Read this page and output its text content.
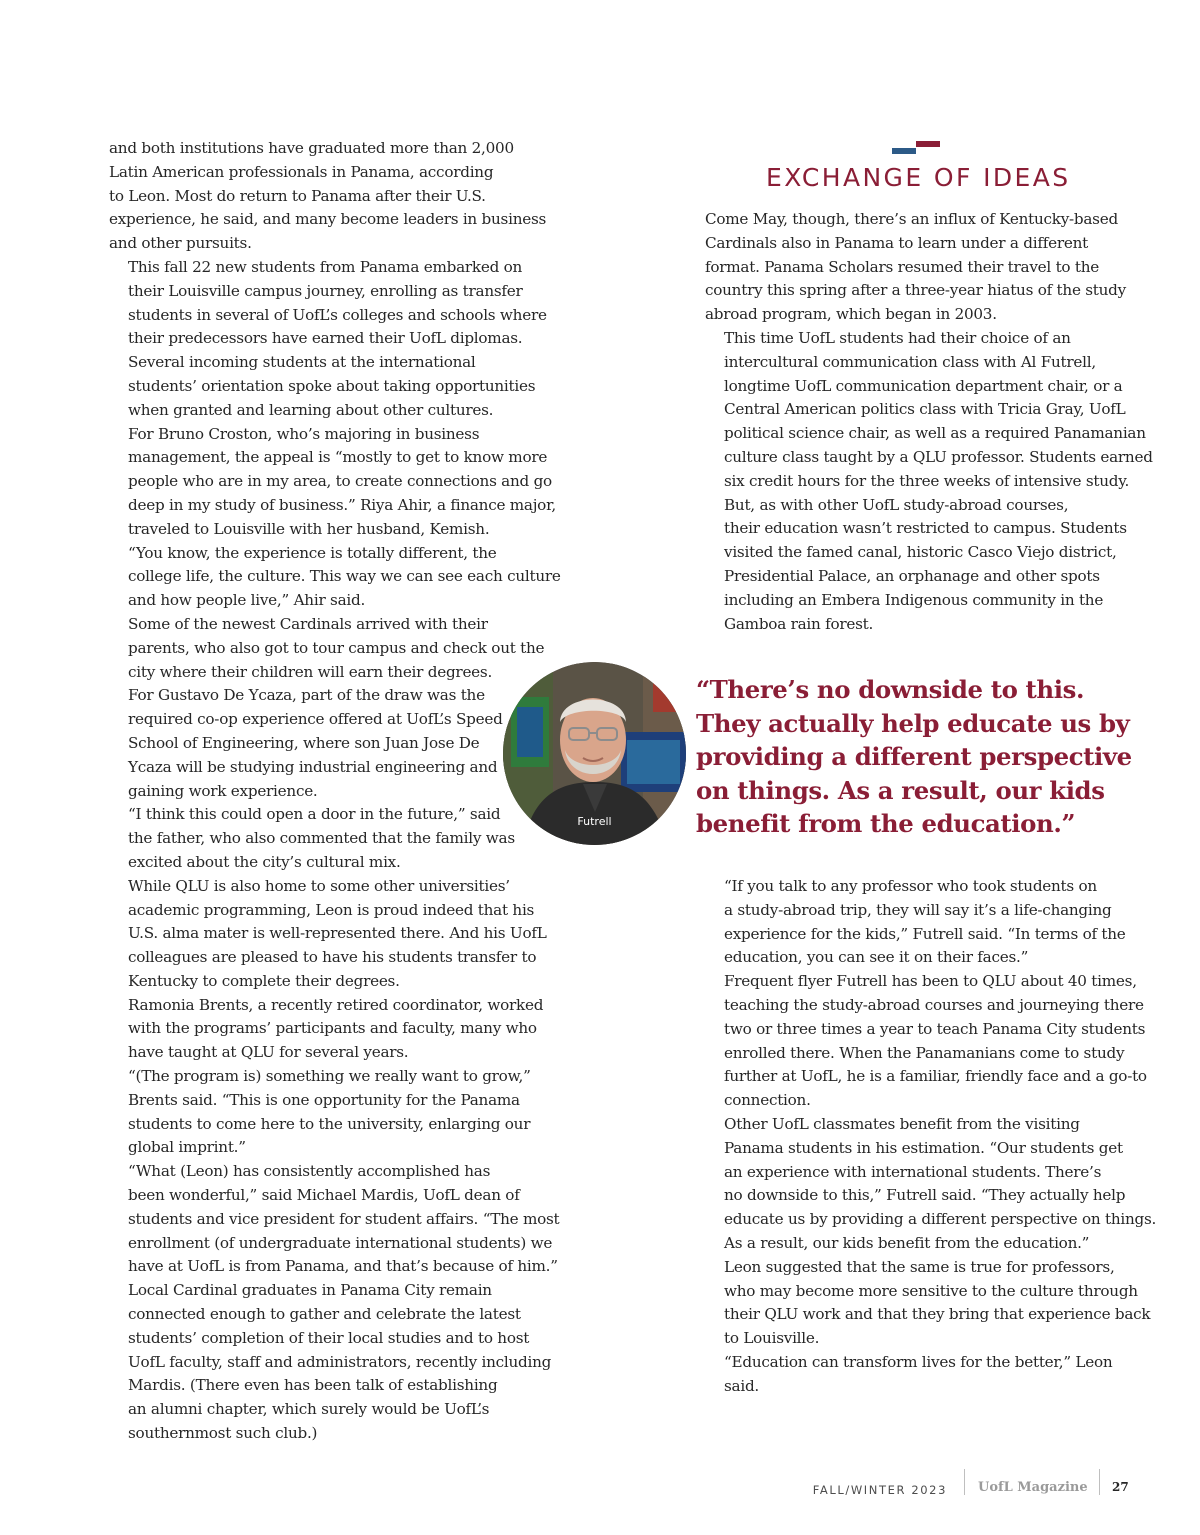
and both institutions have graduated more than 2,000
Latin American professionals in Panama, according
to Leon. Most do return to Panama after their U.S.
experience, he said, and many become leaders in business
and other pursuits.

This fall 22 new students from Panama embarked on
their Louisville campus journey, enrolling as transfer
students in several of UofL’s colleges and schools where
their predecessors have earned their UofL diplomas.

Several incoming students at the international
students’ orientation spoke about taking opportunities
when granted and learning about other cultures.

For Bruno Croston, who’s majoring in business
management, the appeal is “mostly to get to know more
people who are in my area, to create connections and go
deep in my study of business.” Riya Ahir, a finance major,
traveled to Louisville with her husband, Kemish.

“You know, the experience is totally different, the
college life, the culture. This way we can see each culture
and how people live,” Ahir said.

Some of the newest Cardinals arrived with their
parents, who also got to tour campus and check out the
city where their children will earn their degrees.

For Gustavo De Ycaza, part of the draw was the
required co-op experience offered at UofL’s Speed
School of Engineering, where son Juan Jose De
Ycaza will be studying industrial engineering and
gaining work experience.

“I think this could open a door in the future,” said
the father, who also commented that the family was
excited about the city’s cultural mix.

While QLU is also home to some other universities’
academic programming, Leon is proud indeed that his
U.S. alma mater is well-represented there. And his UofL
colleagues are pleased to have his students transfer to
Kentucky to complete their degrees.

Ramonia Brents, a recently retired coordinator, worked
with the programs’ participants and faculty, many who
have taught at QLU for several years.

“(The program is) something we really want to grow,”
Brents said. “This is one opportunity for the Panama
students to come here to the university, enlarging our
global imprint.”

“What (Leon) has consistently accomplished has
been wonderful,” said Michael Mardis, UofL dean of
students and vice president for student affairs. “The most
enrollment (of undergraduate international students) we
have at UofL is from Panama, and that’s because of him.”

Local Cardinal graduates in Panama City remain
connected enough to gather and celebrate the latest
students’ completion of their local studies and to host
UofL faculty, staff and administrators, recently including
Mardis. (There even has been talk of establishing
an alumni chapter, which surely would be UofL’s
southernmost such club.)

EXCHANGE OF IDEAS

Come May, though, there’s an influx of Kentucky-based
Cardinals also in Panama to learn under a different
format. Panama Scholars resumed their travel to the
country this spring after a three-year hiatus of the study
abroad program, which began in 2003.

This time UofL students had their choice of an
intercultural communication class with Al Futrell,
longtime UofL communication department chair, or a
Central American politics class with Tricia Gray, UofL
political science chair, as well as a required Panamanian
culture class taught by a QLU professor. Students earned
six credit hours for the three weeks of intensive study.

But, as with other UofL study-abroad courses,
their education wasn’t restricted to campus. Students
visited the famed canal, historic Casco Viejo district,
Presidential Palace, an orphanage and other spots
including an Embera Indigenous community in the
Gamboa rain forest.

Futrell
“There’s no downside to this.
They actually help educate us by
providing a different perspective
on things. As a result, our kids
benefit from the education.”

“If you talk to any professor who took students on
a study-abroad trip, they will say it’s a life-changing
experience for the kids,” Futrell said. “In terms of the
education, you can see it on their faces.”

Frequent flyer Futrell has been to QLU about 40 times,
teaching the study-abroad courses and journeying there
two or three times a year to teach Panama City students
enrolled there. When the Panamanians come to study
further at UofL, he is a familiar, friendly face and a go-to
connection.

Other UofL classmates benefit from the visiting
Panama students in his estimation. “Our students get
an experience with international students. There’s
no downside to this,” Futrell said. “They actually help
educate us by providing a different perspective on things.
As a result, our kids benefit from the education.”

Leon suggested that the same is true for professors,
who may become more sensitive to the culture through
their QLU work and that they bring that experience back
to Louisville.

“Education can transform lives for the better,” Leon
said.

FALL/WINTER 2023 UofL Magazine 27
